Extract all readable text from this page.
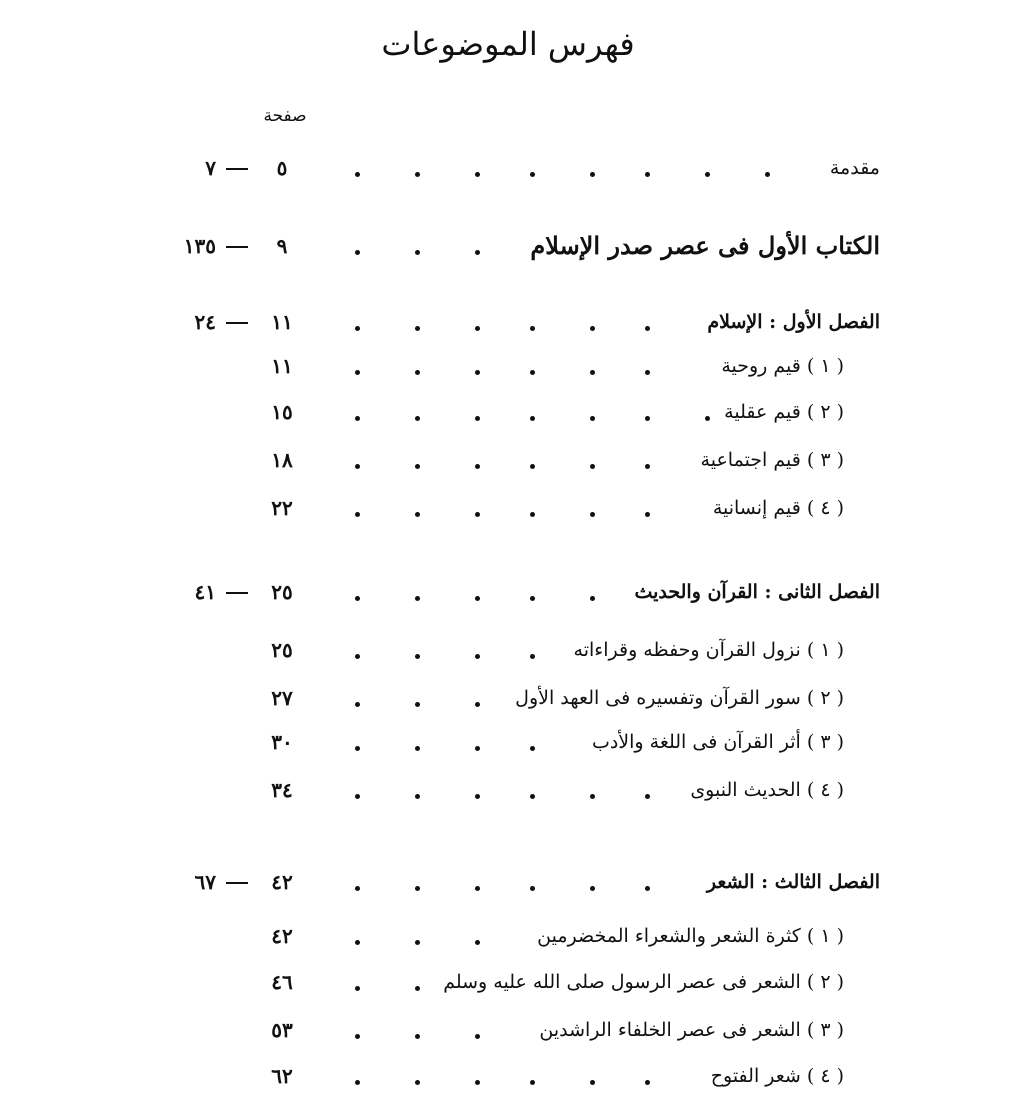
فهرس الموضوعات
صفحة
مقدمة
٥
٧
الكتاب الأول فى عصر صدر الإسلام
٩
١٣٥
الفصل الأول : الإسلام
١١
٢٤
( ١ ) قيم روحية
١١
( ٢ ) قيم عقلية
١٥
( ٣ ) قيم اجتماعية
١٨
( ٤ ) قيم إنسانية
٢٢
الفصل الثانى : القرآن والحديث
٢٥
٤١
( ١ ) نزول القرآن وحفظه وقراءاته
٢٥
( ٢ ) سور القرآن وتفسيره فى العهد الأول
٢٧
( ٣ ) أثر القرآن فى اللغة والأدب
٣٠
( ٤ ) الحديث النبوى
٣٤
الفصل الثالث : الشعر
٤٢
٦٧
( ١ ) كثرة الشعر والشعراء المخضرمين
٤٢
( ٢ ) الشعر فى عصر الرسول صلى الله عليه وسلم
٤٦
( ٣ ) الشعر فى عصر الخلفاء الراشدين
٥٣
( ٤ ) شعر الفتوح
٦٢
